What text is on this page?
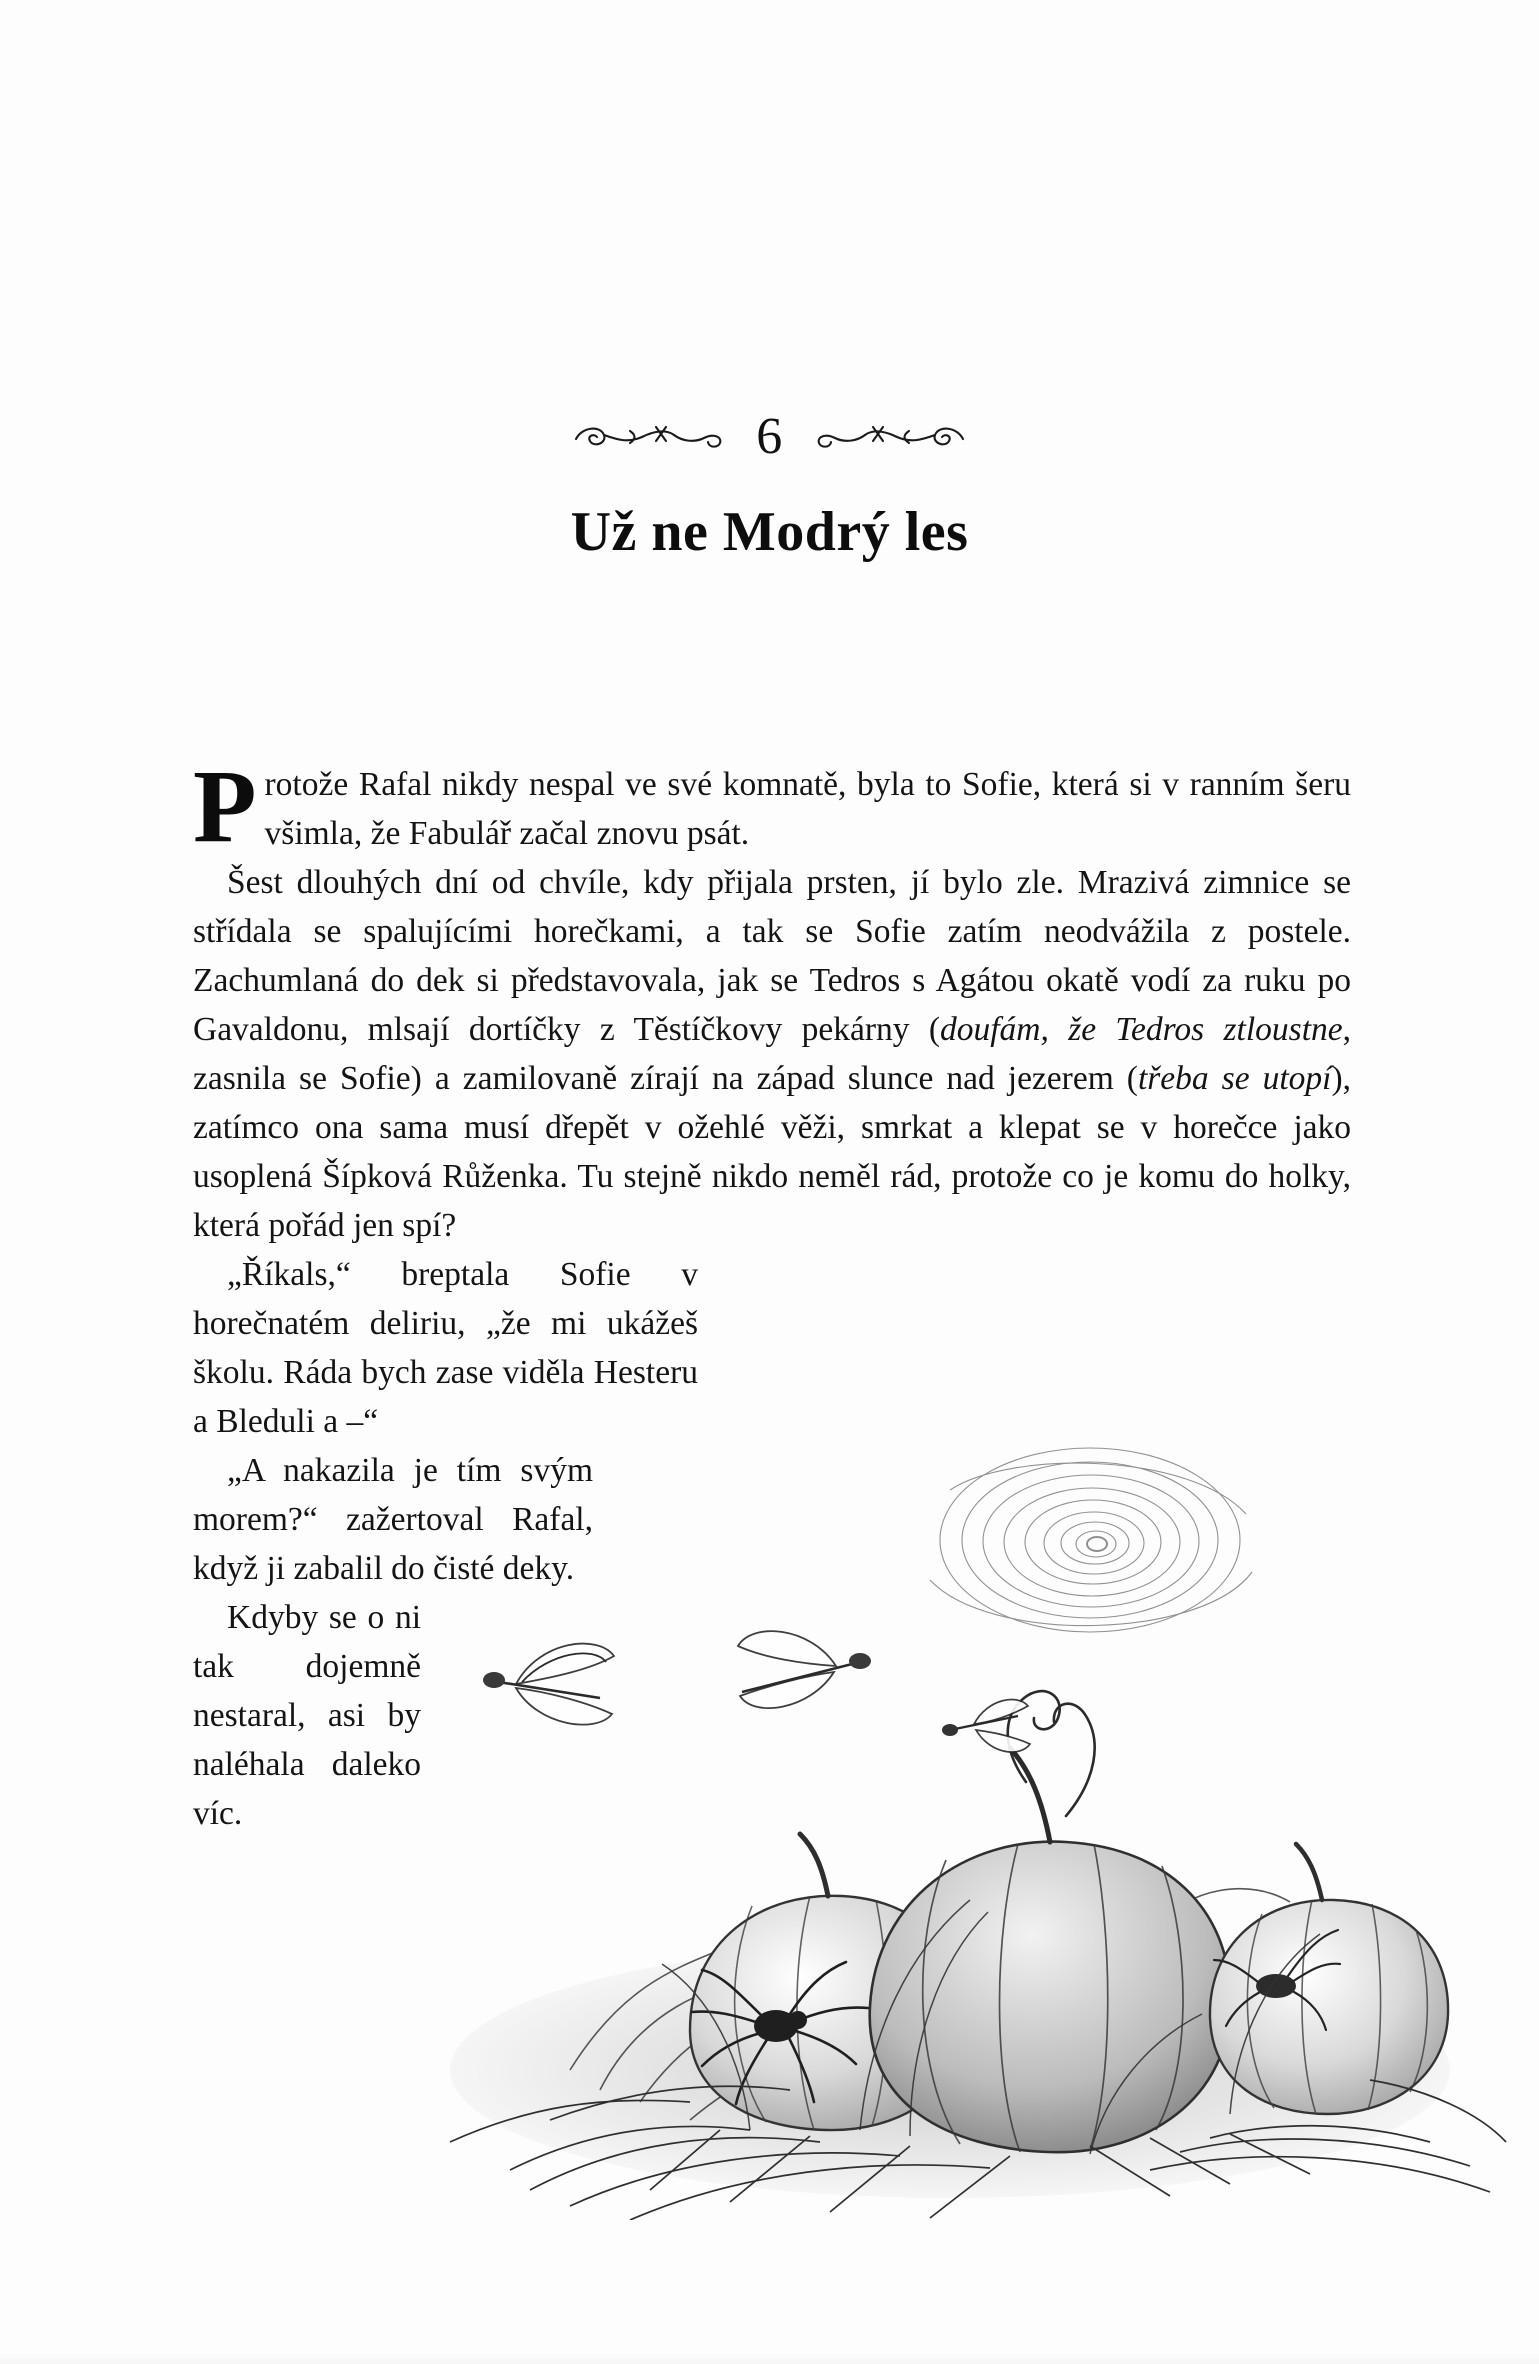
6
Už ne Modrý les

Protože Rafal nikdy nespal ve své komnatě, byla to Sofie, která si v ranním šeru všimla, že Fabulář začal znovu psát.

Šest dlouhých dní od chvíle, kdy přijala prsten, jí bylo zle. Mrazivá zimnice se střídala se spalujícími horečkami, a tak se Sofie zatím neodvážila z postele. Zachumlaná do dek si představovala, jak se Tedros s Agátou okatě vodí za ruku po Gavaldonu, mlsají dortíčky z Těstíčkovy pekárny (doufám, že Tedros ztloustne, zasnila se Sofie) a zamilovaně zírají na západ slunce nad jezerem (třeba se utopí), zatímco ona sama musí dřepět v ožehlé věži, smrkat a klepat se v horečce jako usoplená Šípková Růženka. Tu stejně nikdo neměl rád, protože co je komu do holky, která pořád jen spí?

„Říkals,“ breptala Sofie v horečnatém deliriu, „že mi ukážeš školu. Ráda bych zase viděla Hesteru a Bleduli a –“

„A nakazila je tím svým morem?“ zažertoval Rafal, když ji zabalil do čisté deky.

Kdyby se o ni tak dojemně nestaral, asi by naléhala daleko víc.
